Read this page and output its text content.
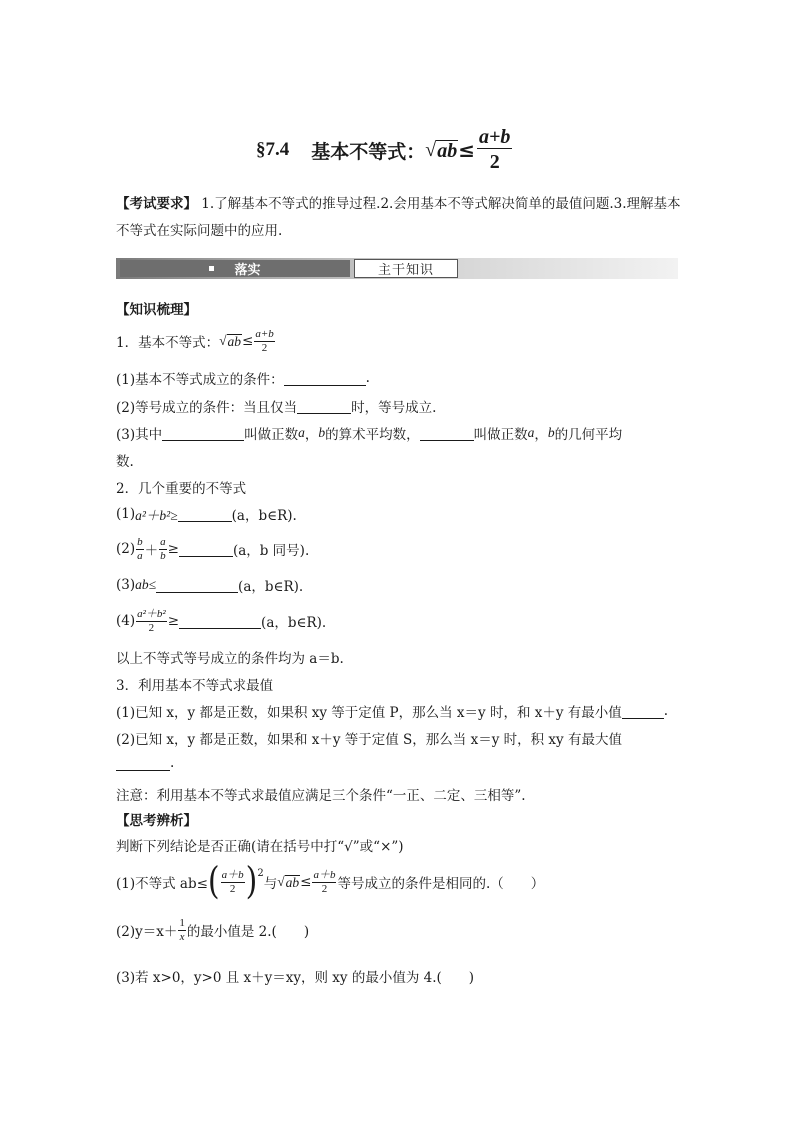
§7.4 基本不等式： √ ab ≤ $\frac{a+b}{2}$
【考试要求】 1.了解基本不等式的推导过程.2.会用基本不等式解决简单的最值问题.3.理解基本不等式在实际问题中的应用.
落实	主干知识
【知识梳理】
1．基本不等式： √ ab ≤ $\frac{a+b}{2}$
(1)基本不等式成立的条件：	.
(2)等号成立的条件：当且仅当	时，等号成立.
(3)其中	叫做正数 a ， b 的算术平均数，	叫做正数 a ， b 的几何平均
数.
2．几个重要的不等式
(1) a²＋b²≥	(a，b∈R).
$(2) \frac{b}{a} + \frac{a}{b}$ ≥	(a，b 同号).
(3) ab≤	(a，b∈R).
$(4) \frac{\text{a²＋b²}}{2}$ ≥	(a，b∈R).
以上不等式等号成立的条件均为 a＝b.
3．利用基本不等式求最值
(1)已知 x，y 都是正数，如果积 xy 等于定值 P，那么当 x＝y 时，和 x＋y 有最小值	.
(2)已知 x，y 都是正数，如果和 x＋y 等于定值 S，那么当 x＝y 时，积 xy 有最大值
.
注意：利用基本不等式求最值应满足三个条件“一正、二定、三相等”.
【思考辨析】
判断下列结论是否正确(请在括号中打“√”或“×”)
(1)不等式 ab≤ ( $\frac{a+b}{2} )^2$
与 √ ab ≤ $\frac{a+b}{2}$ 等号成立的条件是相同的.（　　）
$(2)y=x+ \frac{1}{x}$ 的最小值是 2.(　　)
(3)若 x>0，y>0 且 x＋y＝xy，则 xy 的最小值为 4.(　　)
